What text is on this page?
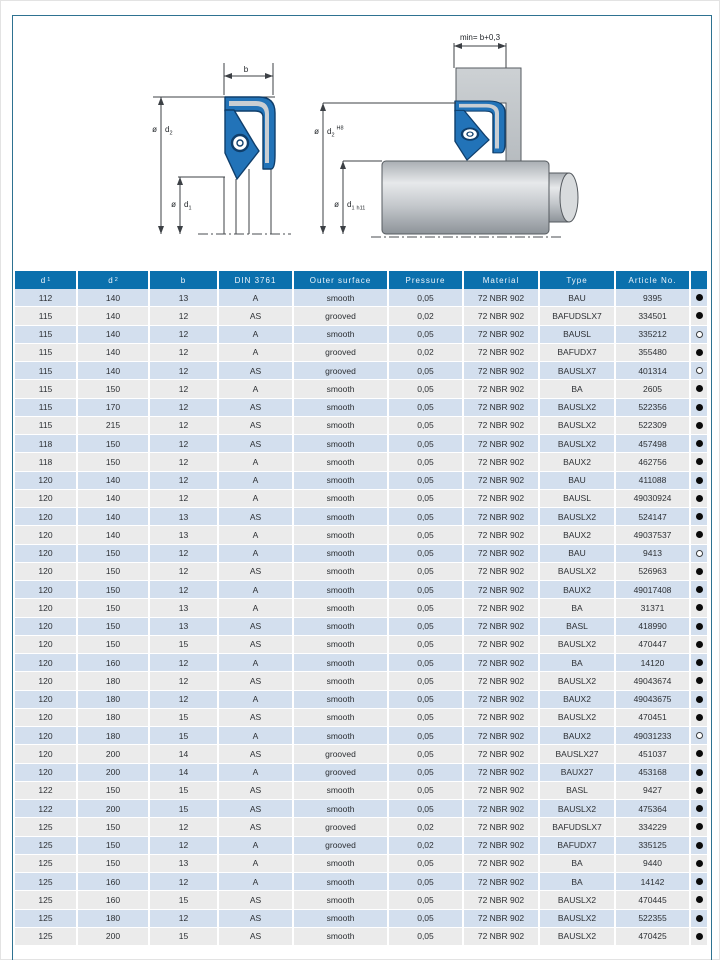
b
ø $d_2$
ø $d_1$
min= b+0,3
ø $d_2^{H8}$
ø $d_1$ h11
d 1	d 2	b	DIN 3761	Outer surface	Pressure	Material	Type	Article No.
112	140	13	A	smooth	0,05	72 NBR 902	BAU	9395
115	140	12	AS	grooved	0,02	72 NBR 902	BAFUDSLX7	334501
115	140	12	A	smooth	0,05	72 NBR 902	BAUSL	335212
115	140	12	A	grooved	0,02	72 NBR 902	BAFUDX7	355480
115	140	12	AS	grooved	0,05	72 NBR 902	BAUSLX7	401314
115	150	12	A	smooth	0,05	72 NBR 902	BA	2605
115	170	12	AS	smooth	0,05	72 NBR 902	BAUSLX2	522356
115	215	12	AS	smooth	0,05	72 NBR 902	BAUSLX2	522309
118	150	12	AS	smooth	0,05	72 NBR 902	BAUSLX2	457498
118	150	12	A	smooth	0,05	72 NBR 902	BAUX2	462756
120	140	12	A	smooth	0,05	72 NBR 902	BAU	411088
120	140	12	A	smooth	0,05	72 NBR 902	BAUSL	49030924
120	140	13	AS	smooth	0,05	72 NBR 902	BAUSLX2	524147
120	140	13	A	smooth	0,05	72 NBR 902	BAUX2	49037537
120	150	12	A	smooth	0,05	72 NBR 902	BAU	9413
120	150	12	AS	smooth	0,05	72 NBR 902	BAUSLX2	526963
120	150	12	A	smooth	0,05	72 NBR 902	BAUX2	49017408
120	150	13	A	smooth	0,05	72 NBR 902	BA	31371
120	150	13	AS	smooth	0,05	72 NBR 902	BASL	418990
120	150	15	AS	smooth	0,05	72 NBR 902	BAUSLX2	470447
120	160	12	A	smooth	0,05	72 NBR 902	BA	14120
120	180	12	AS	smooth	0,05	72 NBR 902	BAUSLX2	49043674
120	180	12	A	smooth	0,05	72 NBR 902	BAUX2	49043675
120	180	15	AS	smooth	0,05	72 NBR 902	BAUSLX2	470451
120	180	15	A	smooth	0,05	72 NBR 902	BAUX2	49031233
120	200	14	AS	grooved	0,05	72 NBR 902	BAUSLX27	451037
120	200	14	A	grooved	0,05	72 NBR 902	BAUX27	453168
122	150	15	AS	smooth	0,05	72 NBR 902	BASL	9427
122	200	15	AS	smooth	0,05	72 NBR 902	BAUSLX2	475364
125	150	12	AS	grooved	0,02	72 NBR 902	BAFUDSLX7	334229
125	150	12	A	grooved	0,02	72 NBR 902	BAFUDX7	335125
125	150	13	A	smooth	0,05	72 NBR 902	BA	9440
125	160	12	A	smooth	0,05	72 NBR 902	BA	14142
125	160	15	AS	smooth	0,05	72 NBR 902	BAUSLX2	470445
125	180	12	AS	smooth	0,05	72 NBR 902	BAUSLX2	522355
125	200	15	AS	smooth	0,05	72 NBR 902	BAUSLX2	470425
